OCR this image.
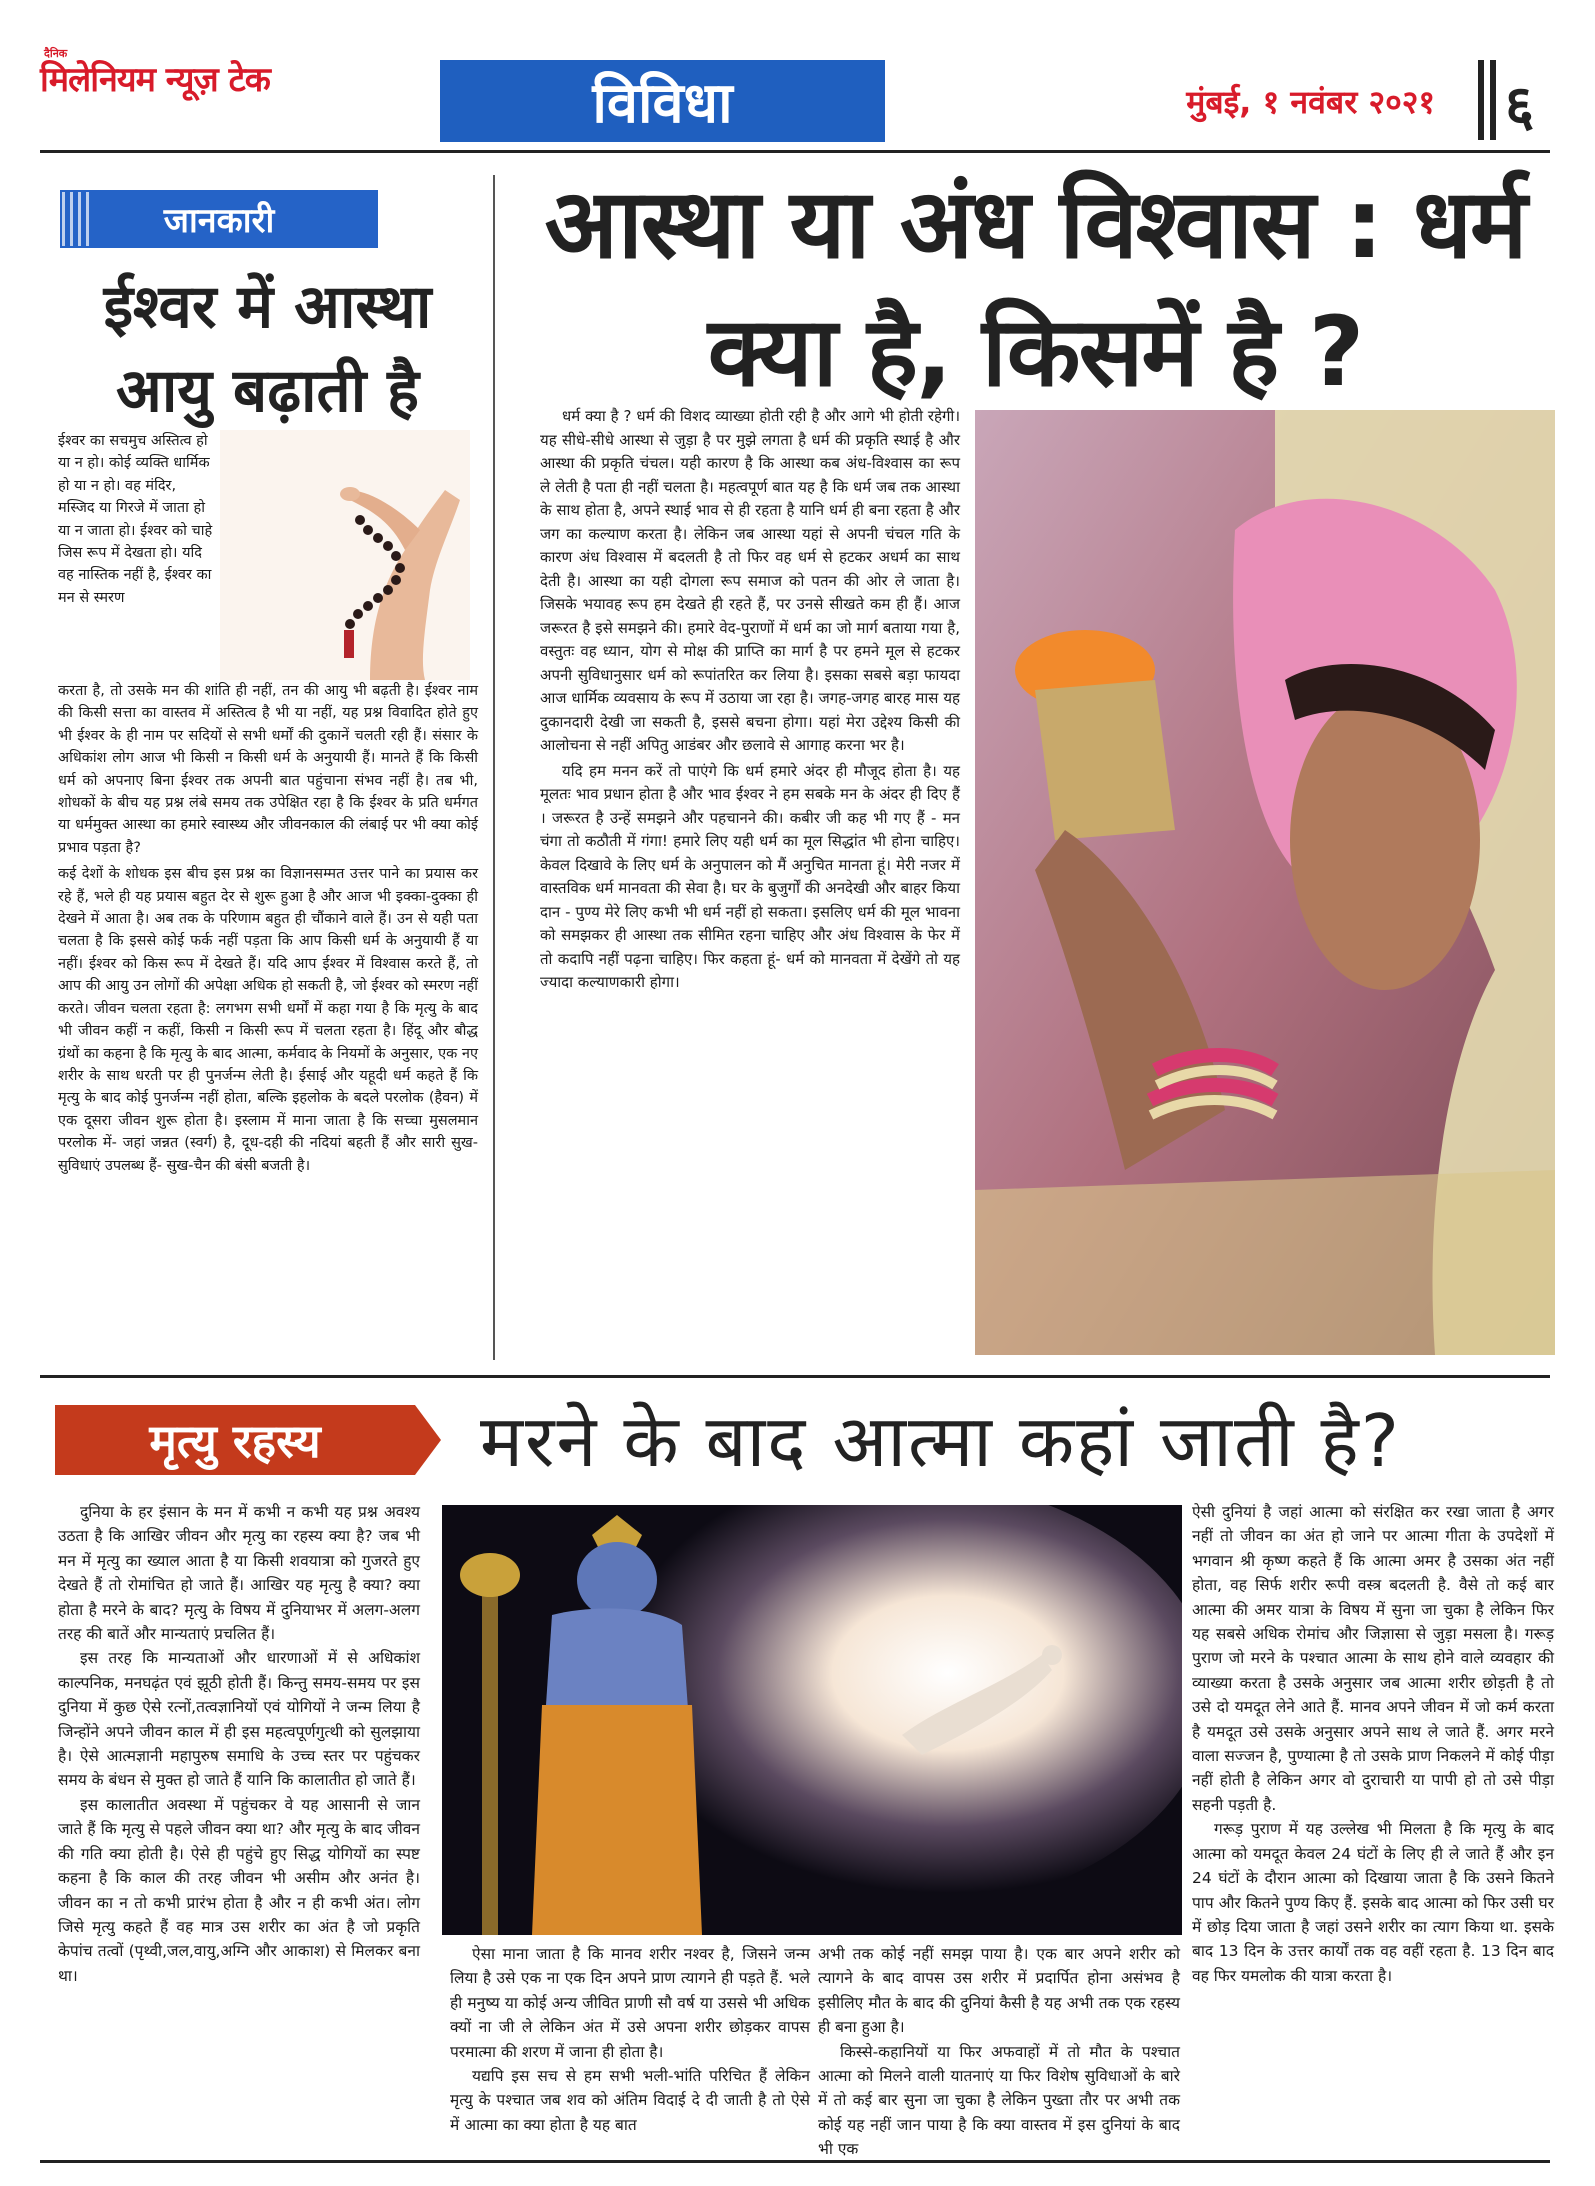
दैनिक
मिलेनियम न्यूज़ टेक	विविधा	मुंबई, १ नवंबर २०२१ ६
जानकारी
ईश्वर में आस्था
आयु बढ़ाती है
ईश्वर का सचमुच अस्तित्व हो या न हो। कोई व्यक्ति धार्मिक हो या न हो। वह मंदिर, मस्जिद या गिरजे में जाता हो या न जाता हो। ईश्वर को चाहे जिस रूप में देखता हो। यदि वह नास्तिक नहीं है, ईश्वर का मन से स्मरण

करता है, तो उसके मन की शांति ही नहीं, तन की आयु भी बढ़ती है। ईश्वर नाम की किसी सत्ता का वास्तव में अस्तित्व है भी या नहीं, यह प्रश्न विवादित होते हुए भी ईश्वर के ही नाम पर सदियों से सभी धर्मों की दुकानें चलती रही हैं। संसार के अधिकांश लोग आज भी किसी न किसी धर्म के अनुयायी हैं। मानते हैं कि किसी धर्म को अपनाए बिना ईश्वर तक अपनी बात पहुंचाना संभव नहीं है। तब भी, शोधकों के बीच यह प्रश्न लंबे समय तक उपेक्षित रहा है कि ईश्वर के प्रति धर्मगत या धर्ममुक्त आस्था का हमारे स्वास्थ्य और जीवनकाल की लंबाई पर भी क्या कोई प्रभाव पड़ता है?

कई देशों के शोधक इस बीच इस प्रश्न का विज्ञानसम्मत उत्तर पाने का प्रयास कर रहे हैं, भले ही यह प्रयास बहुत देर से शुरू हुआ है और आज भी इक्का-दुक्का ही देखने में आता है। अब तक के परिणाम बहुत ही चौंकाने वाले हैं। उन से यही पता चलता है कि इससे कोई फर्क नहीं पड़ता कि आप किसी धर्म के अनुयायी हैं या नहीं। ईश्वर को किस रूप में देखते हैं। यदि आप ईश्वर में विश्वास करते हैं, तो आप की आयु उन लोगों की अपेक्षा अधिक हो सकती है, जो ईश्वर को स्मरण नहीं करते। जीवन चलता रहता है: लगभग सभी धर्मों में कहा गया है कि मृत्यु के बाद भी जीवन कहीं न कहीं, किसी न किसी रूप में चलता रहता है। हिंदू और बौद्ध ग्रंथों का कहना है कि मृत्यु के बाद आत्मा, कर्मवाद के नियमों के अनुसार, एक नए शरीर के साथ धरती पर ही पुनर्जन्म लेती है। ईसाई और यहूदी धर्म कहते हैं कि मृत्यु के बाद कोई पुनर्जन्म नहीं होता, बल्कि इहलोक के बदले परलोक (हैवन) में एक दूसरा जीवन शुरू होता है। इस्लाम में माना जाता है कि सच्चा मुसलमान परलोक में- जहां जन्नत (स्वर्ग) है, दूध-दही की नदियां बहती हैं और सारी सुख-सुविधाएं उपलब्ध हैं- सुख-चैन की बंसी बजती है।

आस्था या अंध विश्वास : धर्म
क्या है, किसमें है ?

धर्म क्या है ? धर्म की विशद व्याख्या होती रही है और आगे भी होती रहेगी। यह सीधे-सीधे आस्था से जुड़ा है पर मुझे लगता है धर्म की प्रकृति स्थाई है और आस्था की प्रकृति चंचल। यही कारण है कि आस्था कब अंध-विश्वास का रूप ले लेती है पता ही नहीं चलता है। महत्वपूर्ण बात यह है कि धर्म जब तक आस्था के साथ होता है, अपने स्थाई भाव से ही रहता है यानि धर्म ही बना रहता है और जग का कल्याण करता है। लेकिन जब आस्था यहां से अपनी चंचल गति के कारण अंध विश्वास में बदलती है तो फिर वह धर्म से हटकर अधर्म का साथ देती है। आस्था का यही दोगला रूप समाज को पतन की ओर ले जाता है। जिसके भयावह रूप हम देखते ही रहते हैं, पर उनसे सीखते कम ही हैं। आज जरूरत है इसे समझने की। हमारे वेद-पुराणों में धर्म का जो मार्ग बताया गया है, वस्तुतः वह ध्यान, योग से मोक्ष की प्राप्ति का मार्ग है पर हमने मूल से हटकर अपनी सुविधानुसार धर्म को रूपांतरित कर लिया है। इसका सबसे बड़ा फायदा आज धार्मिक व्यवसाय के रूप में उठाया जा रहा है। जगह-जगह बारह मास यह दुकानदारी देखी जा सकती है, इससे बचना होगा। यहां मेरा उद्देश्य किसी की आलोचना से नहीं अपितु आडंबर और छलावे से आगाह करना भर है।

यदि हम मनन करें तो पाएंगे कि धर्म हमारे अंदर ही मौजूद होता है। यह मूलतः भाव प्रधान होता है और भाव ईश्वर ने हम सबके मन के अंदर ही दिए हैं । जरूरत है उन्हें समझने और पहचानने की। कबीर जी कह भी गए हैं - मन चंगा तो कठौती में गंगा! हमारे लिए यही धर्म का मूल सिद्धांत भी होना चाहिए। केवल दिखावे के लिए धर्म के अनुपालन को मैं अनुचित मानता हूं। मेरी नजर में वास्तविक धर्म मानवता की सेवा है। घर के बुजुर्गों की अनदेखी और बाहर किया दान - पुण्य मेरे लिए कभी भी धर्म नहीं हो सकता। इसलिए धर्म की मूल भावना को समझकर ही आस्था तक सीमित रहना चाहिए और अंध विश्वास के फेर में तो कदापि नहीं पढ़ना चाहिए। फिर कहता हूं- धर्म को मानवता में देखेंगे तो यह ज्यादा कल्याणकारी होगा।

मृत्यु रहस्य	मरने के बाद आत्मा कहां जाती है?

दुनिया के हर इंसान के मन में कभी न कभी यह प्रश्न अवश्य उठता है कि आखिर जीवन और मृत्यु का रहस्य क्या है? जब भी मन में मृत्यु का ख्याल आता है या किसी शवयात्रा को गुजरते हुए देखते हैं तो रोमांचित हो जाते हैं। आखिर यह मृत्यु है क्या? क्या होता है मरने के बाद? मृत्यु के विषय में दुनियाभर में अलग-अलग तरह की बातें और मान्यताएं प्रचलित हैं।

इस तरह कि मान्यताओं और धारणाओं में से अधिकांश काल्पनिक, मनघढ़ंत एवं झूठी होती हैं। किन्तु समय-समय पर इस दुनिया में कुछ ऐसे रत्नों,तत्वज्ञानियों एवं योगियों ने जन्म लिया है जिन्होंने अपने जीवन काल में ही इस महत्वपूर्णगुत्थी को सुलझाया है। ऐसे आत्मज्ञानी महापुरुष समाधि के उच्च स्तर पर पहुंचकर समय के बंधन से मुक्त हो जाते हैं यानि कि कालातीत हो जाते हैं।

इस कालातीत अवस्था में पहुंचकर वे यह आसानी से जान जाते हैं कि मृत्यु से पहले जीवन क्या था? और मृत्यु के बाद जीवन की गति क्या होती है। ऐसे ही पहुंचे हुए सिद्ध योगियों का स्पष्ट कहना है कि काल की तरह जीवन भी असीम और अनंत है। जीवन का न तो कभी प्रारंभ होता है और न ही कभी अंत। लोग जिसे मृत्यु कहते हैं वह मात्र उस शरीर का अंत है जो प्रकृति केपांच तत्वों (पृथ्वी,जल,वायु,अग्नि और आकाश) से मिलकर बना था।

ऐसा माना जाता है कि मानव शरीर नश्वर है, जिसने जन्म लिया है उसे एक ना एक दिन अपने प्राण त्यागने ही पड़ते हैं. भले ही मनुष्य या कोई अन्य जीवित प्राणी सौ वर्ष या उससे भी अधिक क्यों ना जी ले लेकिन अंत में उसे अपना शरीर छोड़कर वापस परमात्मा की शरण में जाना ही होता है।

यद्यपि इस सच से हम सभी भली-भांति परिचित हैं लेकिन मृत्यु के पश्चात जब शव को अंतिम विदाई दे दी जाती है तो ऐसे में आत्मा का क्या होता है यह बात

अभी तक कोई नहीं समझ पाया है। एक बार अपने शरीर को त्यागने के बाद वापस उस शरीर में प्रदार्पित होना असंभव है इसीलिए मौत के बाद की दुनियां कैसी है यह अभी तक एक रहस्य ही बना हुआ है।

किस्से-कहानियों या फिर अफवाहों में तो मौत के पश्चात आत्मा को मिलने वाली यातनाएं या फिर विशेष सुविधाओं के बारे में तो कई बार सुना जा चुका है लेकिन पुख्ता तौर पर अभी तक कोई यह नहीं जान पाया है कि क्या वास्तव में इस दुनियां के बाद भी एक

ऐसी दुनियां है जहां आत्मा को संरक्षित कर रखा जाता है अगर नहीं तो जीवन का अंत हो जाने पर आत्मा गीता के उपदेशों में भगवान श्री कृष्ण कहते हैं कि आत्मा अमर है उसका अंत नहीं होता, वह सिर्फ शरीर रूपी वस्त्र बदलती है. वैसे तो कई बार आत्मा की अमर यात्रा के विषय में सुना जा चुका है लेकिन फिर यह सबसे अधिक रोमांच और जिज्ञासा से जुड़ा मसला है। गरूड़ पुराण जो मरने के पश्चात आत्मा के साथ होने वाले व्यवहार की व्याख्या करता है उसके अनुसार जब आत्मा शरीर छोड़ती है तो उसे दो यमदूत लेने आते हैं. मानव अपने जीवन में जो कर्म करता है यमदूत उसे उसके अनुसार अपने साथ ले जाते हैं. अगर मरने वाला सज्जन है, पुण्यात्मा है तो उसके प्राण निकलने में कोई पीड़ा नहीं होती है लेकिन अगर वो दुराचारी या पापी हो तो उसे पीड़ा सहनी पड़ती है.

गरूड़ पुराण में यह उल्लेख भी मिलता है कि मृत्यु के बाद आत्मा को यमदूत केवल 24 घंटों के लिए ही ले जाते हैं और इन 24 घंटों के दौरान आत्मा को दिखाया जाता है कि उसने कितने पाप और कितने पुण्य किए हैं. इसके बाद आत्मा को फिर उसी घर में छोड़ दिया जाता है जहां उसने शरीर का त्याग किया था. इसके बाद 13 दिन के उत्तर कार्यों तक वह वहीं रहता है. 13 दिन बाद वह फिर यमलोक की यात्रा करता है।
